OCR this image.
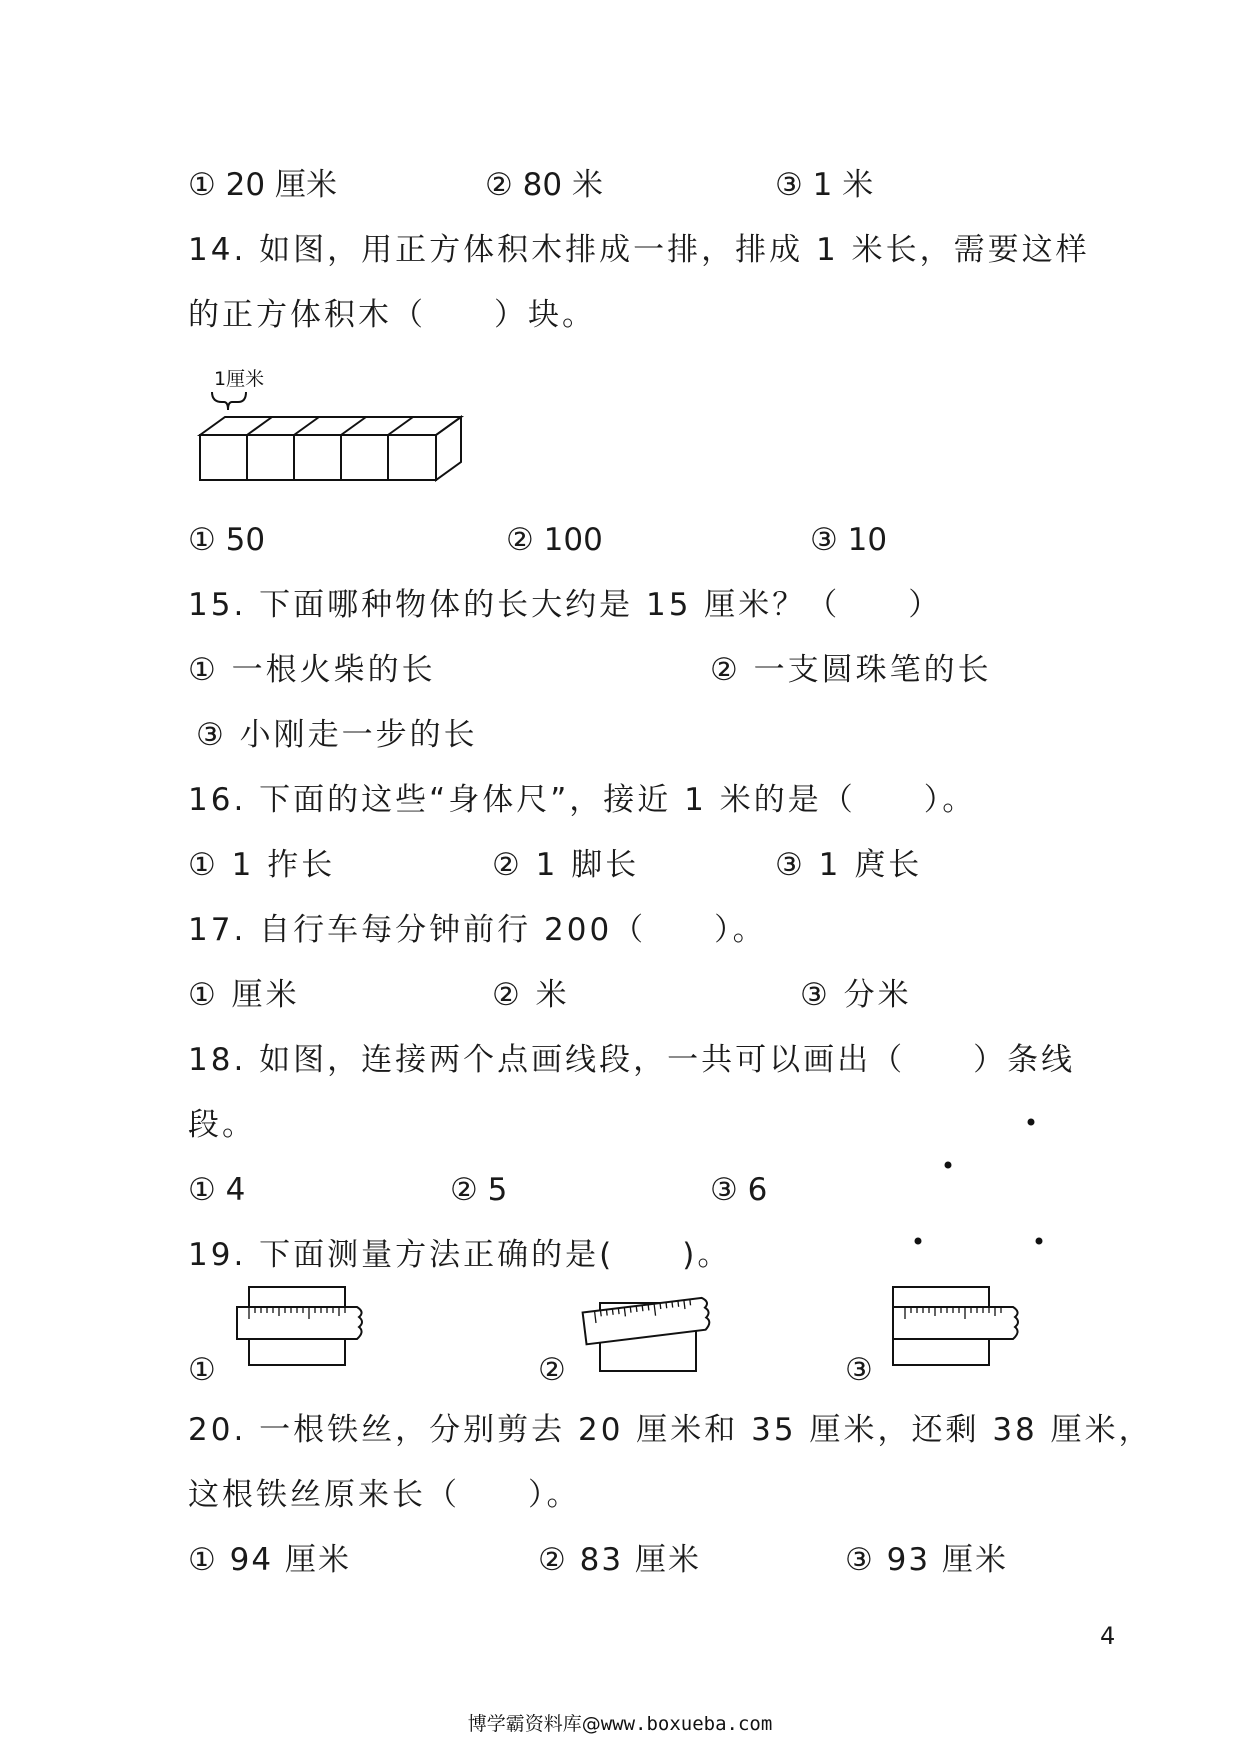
① 20 厘米	② 80 米	③ 1 米
14. 如图，用正方体积木排成一排，排成 1 米长，需要这样
的正方体积木（　　）块。
1厘米
① 50	② 100	③ 10
15. 下面哪种物体的长大约是 15 厘米？（　　）
① 一根火柴的长	② 一支圆珠笔的长
③ 小刚走一步的长
16. 下面的这些“身体尺”，接近 1 米的是（　　）。
① 1 拃长	② 1 脚长	③ 1 庹长
17. 自行车每分钟前行 200（　　）。
① 厘米	② 米	③ 分米
18. 如图，连接两个点画线段，一共可以画出（　　）条线
段。
① 4	② 5	③ 6
19. 下面测量方法正确的是(　　)。
①	②	③
20. 一根铁丝，分别剪去 20 厘米和 35 厘米，还剩 38 厘米，
这根铁丝原来长（　　）。
① 94 厘米	② 83 厘米	③ 93 厘米
4
博学霸资料库@www.boxueba.com
